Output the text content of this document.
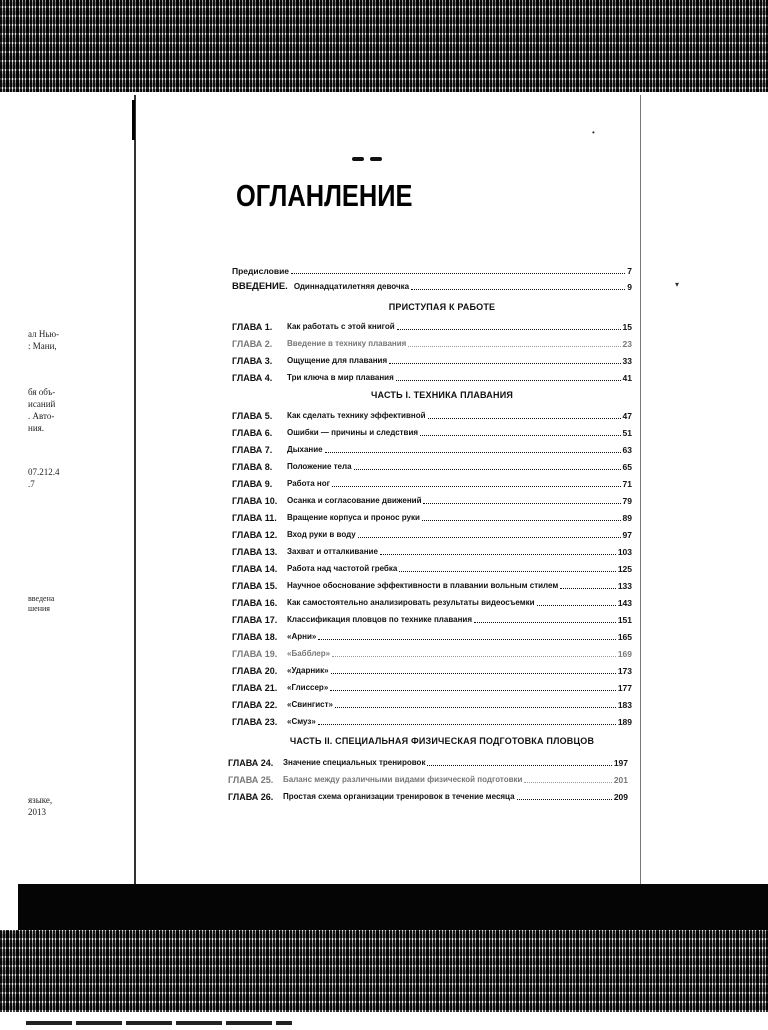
ал Нью-
: Мани,
бя объ-
исаний
. Авто-
ния.
07.212.4
.7
введена
шения
языке,
2013
•
▾
ОГЛАНЛЕНИЕ
Предисловие	7
ВВЕДЕНИЕ. Одиннадцатилетняя девочка	9
ПРИСТУПАЯ К РАБОТЕ
ГЛАВА 1.	Как работать с этой книгой	15
ГЛАВА 2.	Введение в технику плавания	23
ГЛАВА 3.	Ощущение для плавания	33
ГЛАВА 4.	Три ключа в мир плавания	41
ГЛАВА 5.	Как сделать технику эффективной	47
ГЛАВА 6.	Ошибки — причины и следствия	51
ГЛАВА 7.	Дыхание	63
ГЛАВА 8.	Положение тела	65
ГЛАВА 9.	Работа ног	71
ГЛАВА 10.	Осанка и согласование движений	79
ГЛАВА 11.	Вращение корпуса и пронос руки	89
ГЛАВА 12.	Вход руки в воду	97
ГЛАВА 13.	Захват и отталкивание	103
ГЛАВА 14.	Работа над частотой гребка	125
ГЛАВА 15.	Научное обоснование эффективности в плавании вольным стилем	133
ГЛАВА 16.	Как самостоятельно анализировать результаты видеосъемки	143
ГЛАВА 17.	Классификация пловцов по технике плавания	151
ГЛАВА 18.	«Арни»	165
ГЛАВА 19.	«Бабблер»	169
ГЛАВА 20.	«Ударник»	173
ГЛАВА 21.	«Глиссер»	177
ГЛАВА 22.	«Свингист»	183
ГЛАВА 23.	«Смуз»	189
ГЛАВА 24.	Значение специальных тренировок	197
ГЛАВА 25.	Баланс между различными видами физической подготовки	201
ГЛАВА 26.	Простая схема организации тренировок в течение месяца	209
ЧАСТЬ I. ТЕХНИКА ПЛАВАНИЯ
ЧАСТЬ II. СПЕЦИАЛЬНАЯ ФИЗИЧЕСКАЯ ПОДГОТОВКА ПЛОВЦОВ
